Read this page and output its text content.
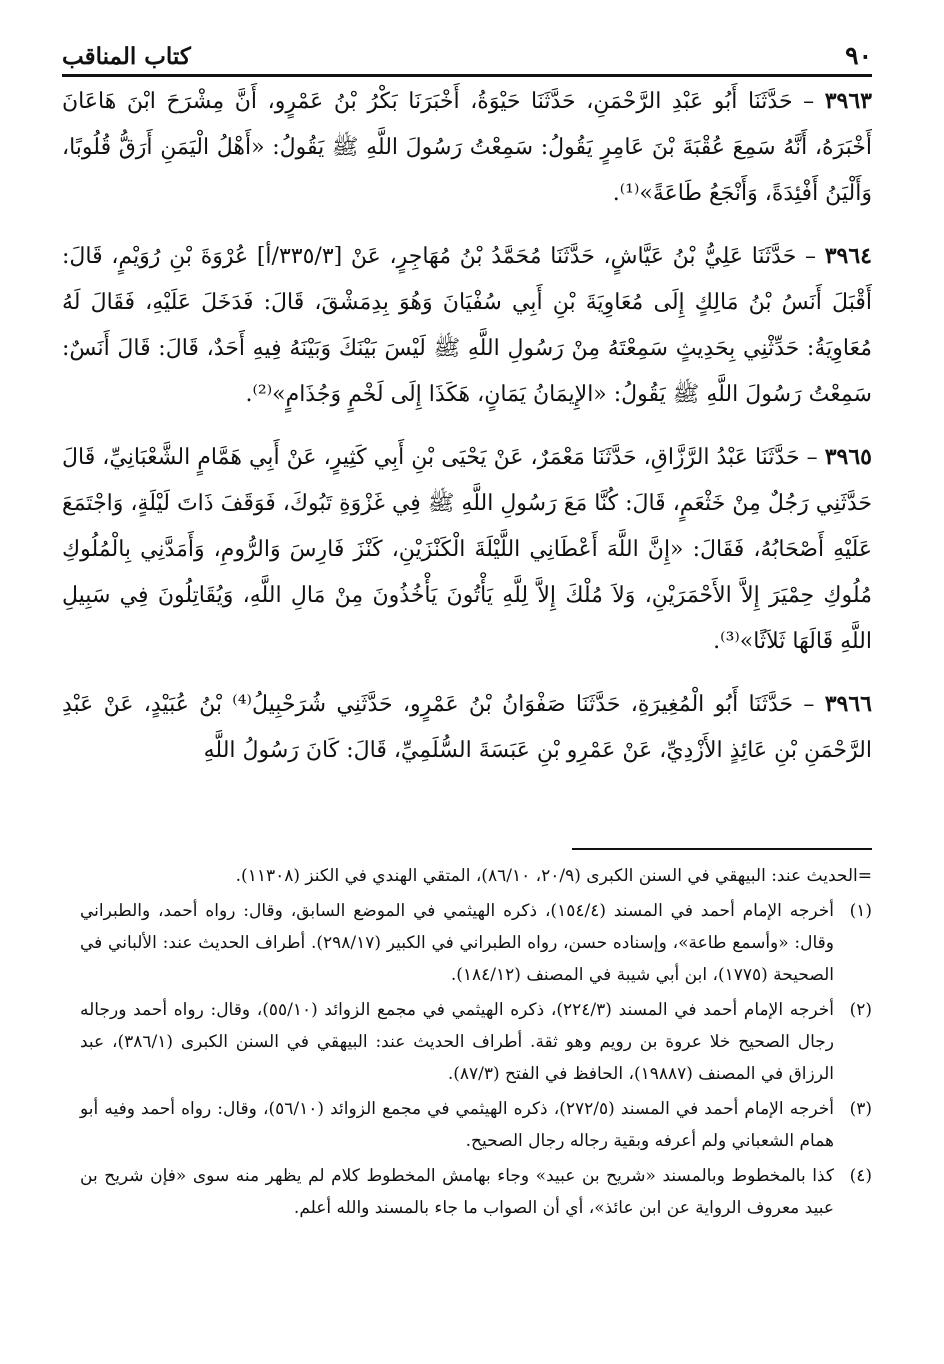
٩٠
كتاب المناقب

٣٩٦٣ – حَدَّثَنَا أَبُو عَبْدِ الرَّحْمَنِ، حَدَّثَنَا حَيْوَةُ، أَخْبَرَنَا بَكْرُ بْنُ عَمْرٍو، أَنَّ مِشْرَحَ ابْنَ هَاعَانَ أَخْبَرَهُ، أَنَّهُ سَمِعَ عُقْبَةَ بْنَ عَامِرٍ يَقُولُ: سَمِعْتُ رَسُولَ اللَّهِ ﷺ يَقُولُ: «أَهْلُ الْيَمَنِ أَرَقُّ قُلُوبًا، وَأَلْيَنُ أَفْئِدَةً، وَأَنْجَعُ طَاعَةً»⁽¹⁾.

٣٩٦٤ – حَدَّثَنَا عَلِيُّ بْنُ عَيَّاشٍ، حَدَّثَنَا مُحَمَّدُ بْنُ مُهَاجِرٍ، عَنْ [٣٣٥/٣/أ] عُرْوَةَ بْنِ رُوَيْمٍ، قَالَ: أَقْبَلَ أَنَسُ بْنُ مَالِكٍ إِلَى مُعَاوِيَةَ بْنِ أَبِي سُفْيَانَ وَهُوَ بِدِمَشْقَ، قَالَ: فَدَخَلَ عَلَيْهِ، فَقَالَ لَهُ مُعَاوِيَةُ: حَدِّثْنِي بِحَدِيثٍ سَمِعْتَهُ مِنْ رَسُولِ اللَّهِ ﷺ لَيْسَ بَيْنَكَ وَبَيْنَهُ فِيهِ أَحَدٌ، قَالَ: قَالَ أَنَسٌ: سَمِعْتُ رَسُولَ اللَّهِ ﷺ يَقُولُ: «الإِيمَانُ يَمَانٍ، هَكَذَا إِلَى لَخْمٍ وَجُذَامٍ»⁽²⁾.

٣٩٦٥ – حَدَّثَنَا عَبْدُ الرَّزَّاقِ، حَدَّثَنَا مَعْمَرٌ، عَنْ يَحْيَى بْنِ أَبِي كَثِيرٍ، عَنْ أَبِي هَمَّامٍ الشَّعْبَانِيِّ، قَالَ حَدَّثَنِي رَجُلٌ مِنْ خَثْعَمٍ، قَالَ: كُنَّا مَعَ رَسُولِ اللَّهِ ﷺ فِي غَزْوَةِ تَبُوكَ، فَوَقَفَ ذَاتَ لَيْلَةٍ، وَاجْتَمَعَ عَلَيْهِ أَصْحَابُهُ، فَقَالَ: «إِنَّ اللَّهَ أَعْطَانِي اللَّيْلَةَ الْكَنْزَيْنِ، كَنْزَ فَارِسَ وَالرُّومِ، وَأَمَدَّنِي بِالْمُلُوكِ مُلُوكِ حِمْيَرَ إِلاَّ الأَحْمَرَيْنِ، وَلاَ مُلْكَ إِلاَّ لِلَّهِ يَأْتُونَ يَأْخُذُونَ مِنْ مَالِ اللَّهِ، وَيُقَاتِلُونَ فِي سَبِيلِ اللَّهِ قَالَهَا ثَلاَثًا»⁽³⁾.

٣٩٦٦ – حَدَّثَنَا أَبُو الْمُغِيرَةِ، حَدَّثَنَا صَفْوَانُ بْنُ عَمْرٍو، حَدَّثَنِي شُرَحْبِيلُ⁽⁴⁾ بْنُ عُبَيْدٍ، عَنْ عَبْدِ الرَّحْمَنِ بْنِ عَائِذٍ الأَزْدِيِّ، عَنْ عَمْرِو بْنِ عَبَسَةَ السُّلَمِيِّ، قَالَ: كَانَ رَسُولُ اللَّهِ

=الحديث عند: البيهقي في السنن الكبرى (٢٠/٩، ٨٦/١٠)، المتقي الهندي في الكنز (١١٣٠٨).

(١)
أخرجه الإمام أحمد في المسند (١٥٤/٤)، ذكره الهيثمي في الموضع السابق، وقال: رواه أحمد، والطبراني وقال: «وأسمع طاعة»، وإسناده حسن، رواه الطبراني في الكبير (٢٩٨/١٧). أطراف الحديث عند: الألباني في الصحيحة (١٧٧٥)، ابن أبي شيبة في المصنف (١٨٤/١٢).

(٢)
أخرجه الإمام أحمد في المسند (٢٢٤/٣)، ذكره الهيثمي في مجمع الزوائد (٥٥/١٠)، وقال: رواه أحمد ورجاله رجال الصحيح خلا عروة بن رويم وهو ثقة. أطراف الحديث عند: البيهقي في السنن الكبرى (٣٨٦/١)، عبد الرزاق في المصنف (١٩٨٨٧)، الحافظ في الفتح (٨٧/٣).

(٣)
أخرجه الإمام أحمد في المسند (٢٧٢/٥)، ذكره الهيثمي في مجمع الزوائد (٥٦/١٠)، وقال: رواه أحمد وفيه أبو همام الشعباني ولم أعرفه وبقية رجاله رجال الصحيح.

(٤)
كذا بالمخطوط وبالمسند «شريح بن عبيد» وجاء بهامش المخطوط كلام لم يظهر منه سوى «فإن شريح بن عبيد معروف الرواية عن ابن عائذ»، أي أن الصواب ما جاء بالمسند والله أعلم.
